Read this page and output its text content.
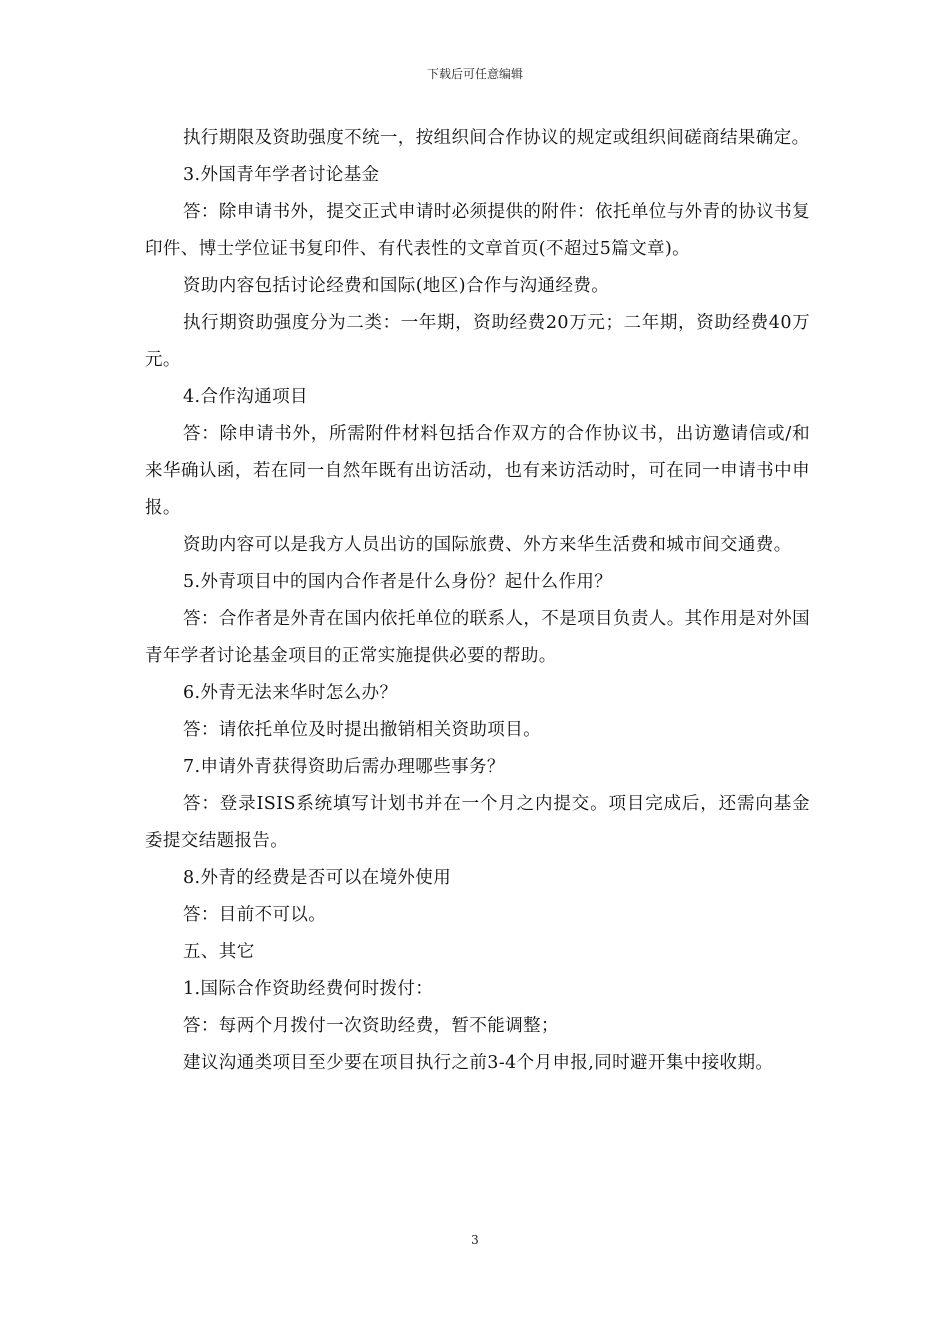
下载后可任意编辑

执行期限及资助强度不统一，按组织间合作协议的规定或组织间磋商结果确定。

3.外国青年学者讨论基金

答：除申请书外，提交正式申请时必须提供的附件：依托单位与外青的协议书复印件、博士学位证书复印件、有代表性的文章首页(不超过5篇文章)。

资助内容包括讨论经费和国际(地区)合作与沟通经费。

执行期资助强度分为二类：一年期，资助经费20万元；二年期，资助经费40万元。

4.合作沟通项目

答：除申请书外，所需附件材料包括合作双方的合作协议书，出访邀请信或/和来华确认函，若在同一自然年既有出访活动，也有来访活动时，可在同一申请书中申报。

资助内容可以是我方人员出访的国际旅费、外方来华生活费和城市间交通费。

5.外青项目中的国内合作者是什么身份？起什么作用？

答：合作者是外青在国内依托单位的联系人，不是项目负责人。其作用是对外国青年学者讨论基金项目的正常实施提供必要的帮助。

6.外青无法来华时怎么办？

答：请依托单位及时提出撤销相关资助项目。

7.申请外青获得资助后需办理哪些事务？

答：登录ISIS系统填写计划书并在一个月之内提交。项目完成后，还需向基金委提交结题报告。

8.外青的经费是否可以在境外使用

答：目前不可以。

五、其它

1.国际合作资助经费何时拨付：

答：每两个月拨付一次资助经费，暂不能调整；

建议沟通类项目至少要在项目执行之前3-4个月申报,同时避开集中接收期。

3
